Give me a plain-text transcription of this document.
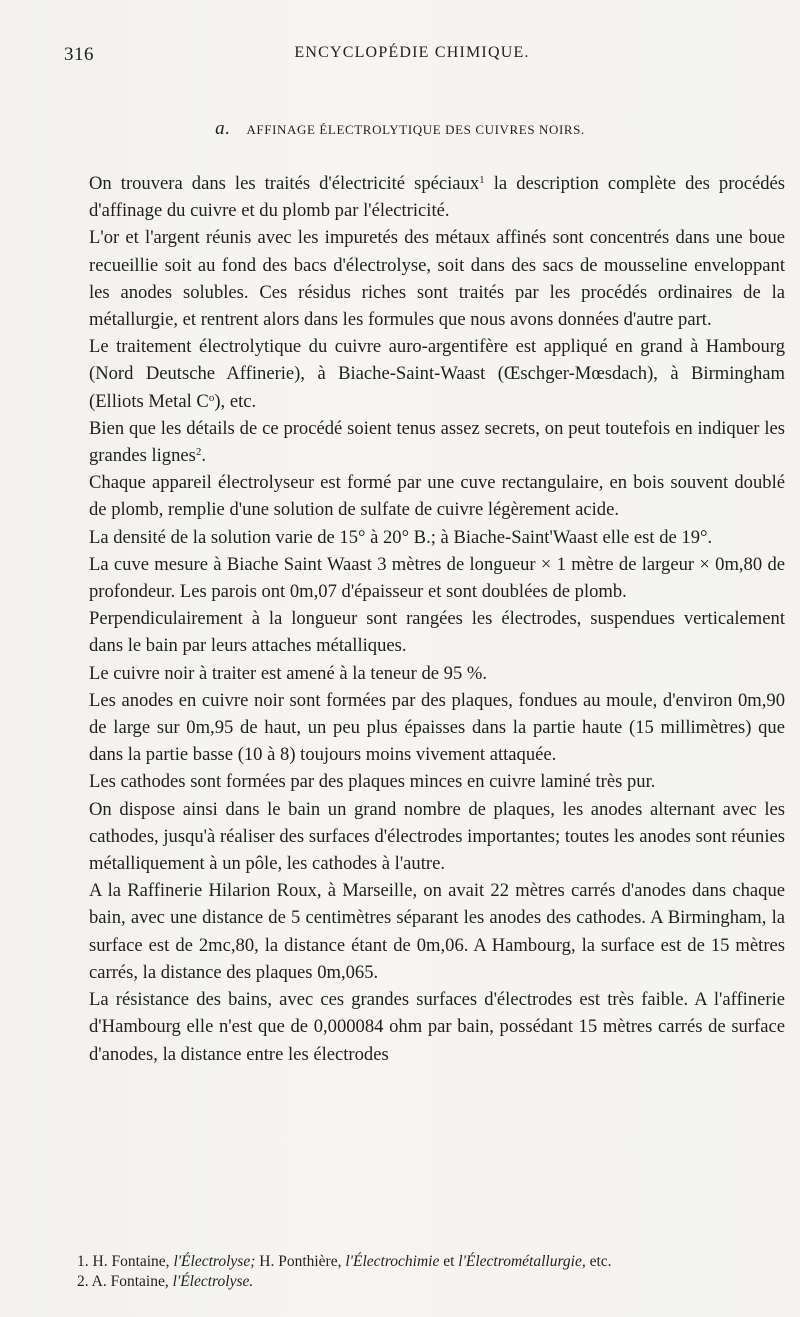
316	ENCYCLOPÉDIE CHIMIQUE.
a. AFFINAGE ÉLECTROLYTIQUE DES CUIVRES NOIRS.

On trouvera dans les traités d'électricité spéciaux$^1$ la description complète des procédés d'affinage du cuivre et du plomb par l'électricité.

L'or et l'argent réunis avec les impuretés des métaux affinés sont concentrés dans une boue recueillie soit au fond des bacs d'électrolyse, soit dans des sacs de mousseline enveloppant les anodes solubles. Ces résidus riches sont traités par les procédés ordinaires de la métallurgie, et rentrent alors dans les formules que nous avons données d'autre part.

Le traitement électrolytique du cuivre auro-argentifère est appliqué en grand à Hambourg (Nord Deutsche Affinerie), à Biache-Saint-Waast (Œschger-Mœsdach), à Birmingham (Elliots Metal $C^o$), etc.

Bien que les détails de ce procédé soient tenus assez secrets, on peut toutefois en indiquer les grandes lignes$^2$.

Chaque appareil électrolyseur est formé par une cuve rectangulaire, en bois souvent doublé de plomb, remplie d'une solution de sulfate de cuivre légèrement acide.

La densité de la solution varie de 15° à 20° B.; à Biache-Saint'Waast elle est de 19°.

La cuve mesure à Biache Saint Waast 3 mètres de longueur × 1 mètre de largeur × 0m,80 de profondeur. Les parois ont 0m,07 d'épaisseur et sont doublées de plomb.

Perpendiculairement à la longueur sont rangées les électrodes, suspendues verticalement dans le bain par leurs attaches métalliques.

Le cuivre noir à traiter est amené à la teneur de 95 %.

Les anodes en cuivre noir sont formées par des plaques, fondues au moule, d'environ 0m,90 de large sur 0m,95 de haut, un peu plus épaisses dans la partie haute (15 millimètres) que dans la partie basse (10 à 8) toujours moins vivement attaquée.

Les cathodes sont formées par des plaques minces en cuivre laminé très pur.

On dispose ainsi dans le bain un grand nombre de plaques, les anodes alternant avec les cathodes, jusqu'à réaliser des surfaces d'électrodes importantes; toutes les anodes sont réunies métalliquement à un pôle, les cathodes à l'autre.

A la Raffinerie Hilarion Roux, à Marseille, on avait 22 mètres carrés d'anodes dans chaque bain, avec une distance de 5 centimètres séparant les anodes des cathodes. A Birmingham, la surface est de 2mc,80, la distance étant de 0m,06. A Hambourg, la surface est de 15 mètres carrés, la distance des plaques 0m,065.

La résistance des bains, avec ces grandes surfaces d'électrodes est très faible. A l'affinerie d'Hambourg elle n'est que de 0,000084 ohm par bain, possédant 15 mètres carrés de surface d'anodes, la distance entre les électrodes

1. H. Fontaine, l'Électrolyse; H. Ponthière, l'Électrochimie et l'Électrométallurgie, etc.

2. A. Fontaine, l'Électrolyse.
